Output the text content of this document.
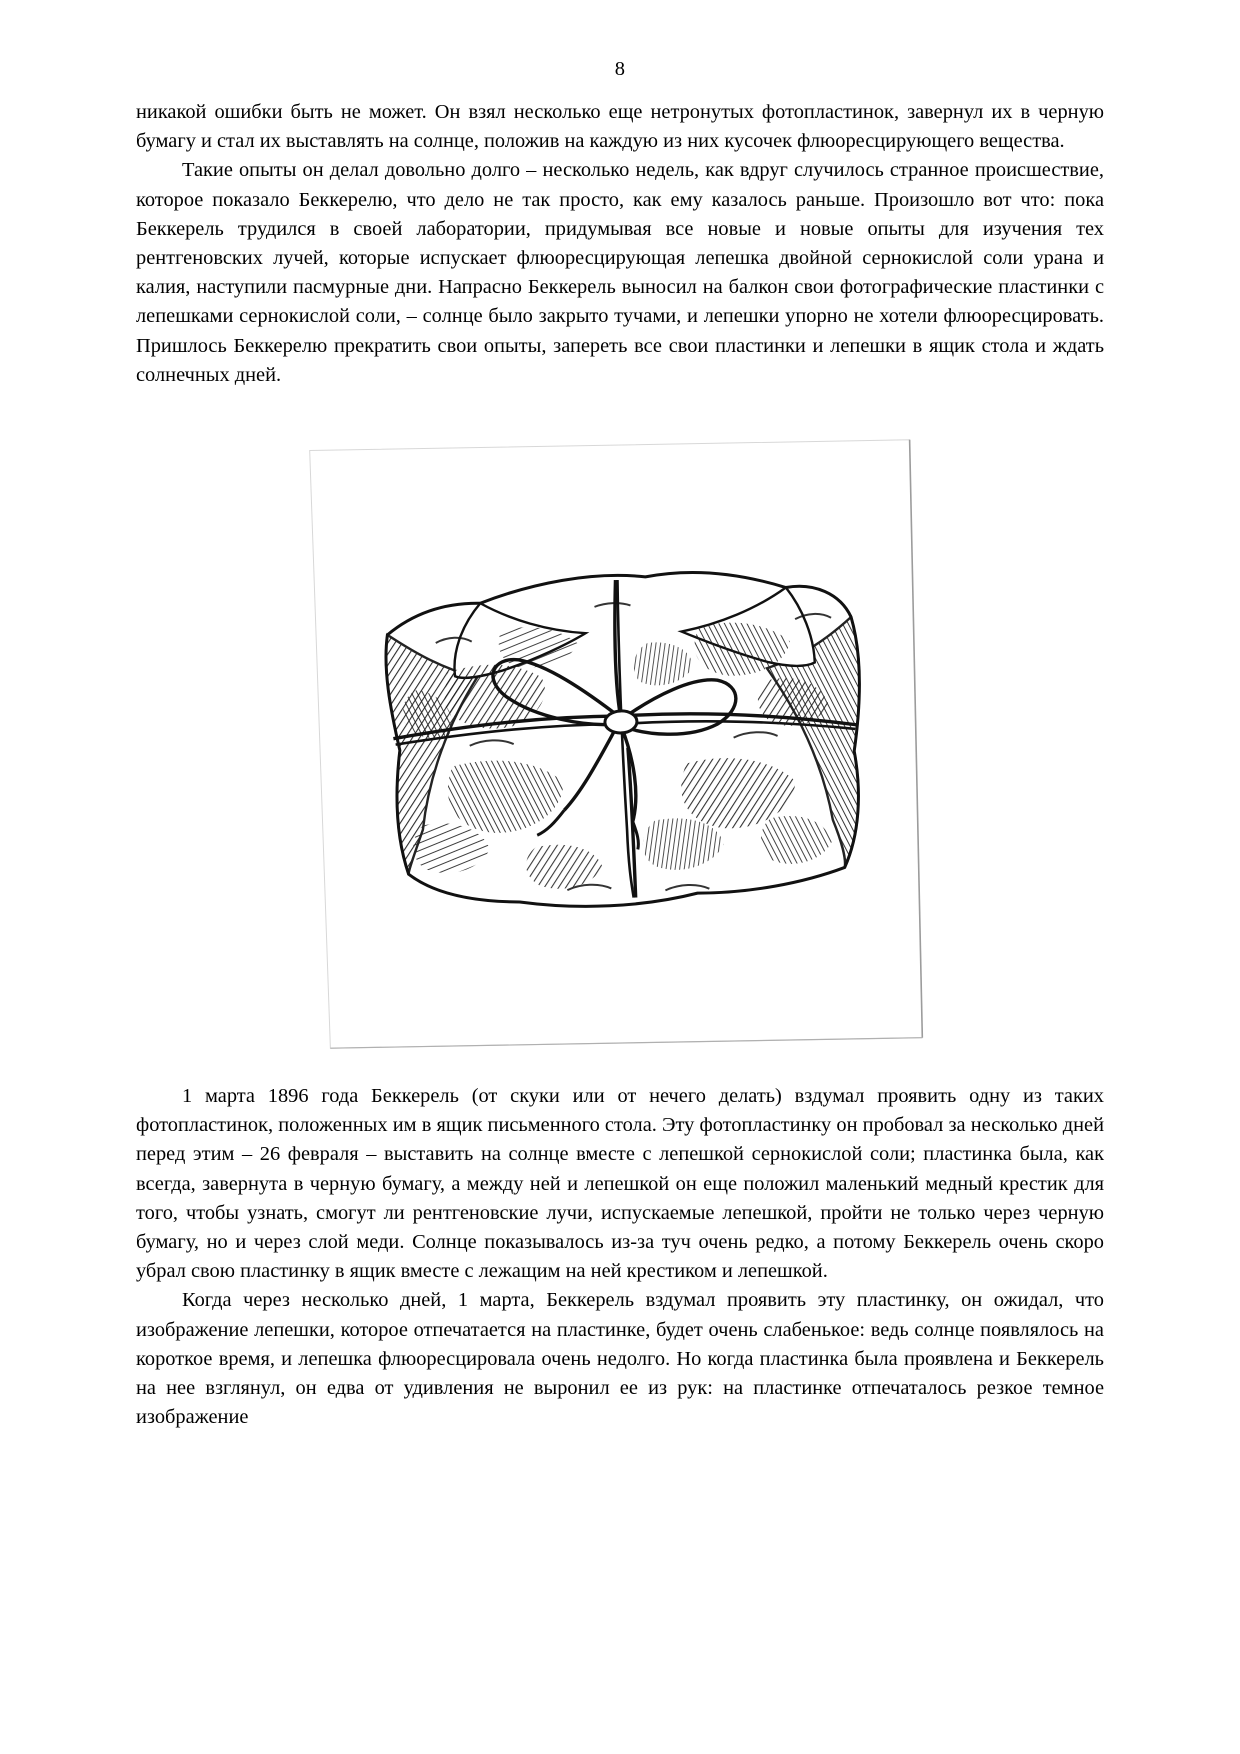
8

никакой ошибки быть не может. Он взял несколько еще нетронутых фотопластинок, завернул их в черную бумагу и стал их выставлять на солнце, положив на каждую из них кусочек флюоресцирующего вещества.

Такие опыты он делал довольно долго – несколько недель, как вдруг случилось странное происшествие, которое показало Беккерелю, что дело не так просто, как ему казалось раньше. Произошло вот что: пока Беккерель трудился в своей лаборатории, придумывая все новые и новые опыты для изучения тех рентгеновских лучей, которые испускает флюоресцирующая лепешка двойной сернокислой соли урана и калия, наступили пасмурные дни. Напрасно Беккерель выносил на балкон свои фотографические пластинки с лепешками сернокислой соли, – солнце было закрыто тучами, и лепешки упорно не хотели флюоресцировать. Пришлось Беккерелю прекратить свои опыты, запереть все свои пластинки и лепешки в ящик стола и ждать солнечных дней.

1 марта 1896 года Беккерель (от скуки или от нечего делать) вздумал проявить одну из таких фотопластинок, положенных им в ящик письменного стола. Эту фотопластинку он пробовал за несколько дней перед этим – 26 февраля – выставить на солнце вместе с лепешкой сернокислой соли; пластинка была, как всегда, завернута в черную бумагу, а между ней и лепешкой он еще положил маленький медный крестик для того, чтобы узнать, смогут ли рентгеновские лучи, испускаемые лепешкой, пройти не только через черную бумагу, но и через слой меди. Солнце показывалось из-за туч очень редко, а потому Беккерель очень скоро убрал свою пластинку в ящик вместе с лежащим на ней крестиком и лепешкой.

Когда через несколько дней, 1 марта, Беккерель вздумал проявить эту пластинку, он ожидал, что изображение лепешки, которое отпечатается на пластинке, будет очень слабенькое: ведь солнце появлялось на короткое время, и лепешка флюоресцировала очень недолго. Но когда пластинка была проявлена и Беккерель на нее взглянул, он едва от удивления не выронил ее из рук: на пластинке отпечаталось резкое темное изображение
